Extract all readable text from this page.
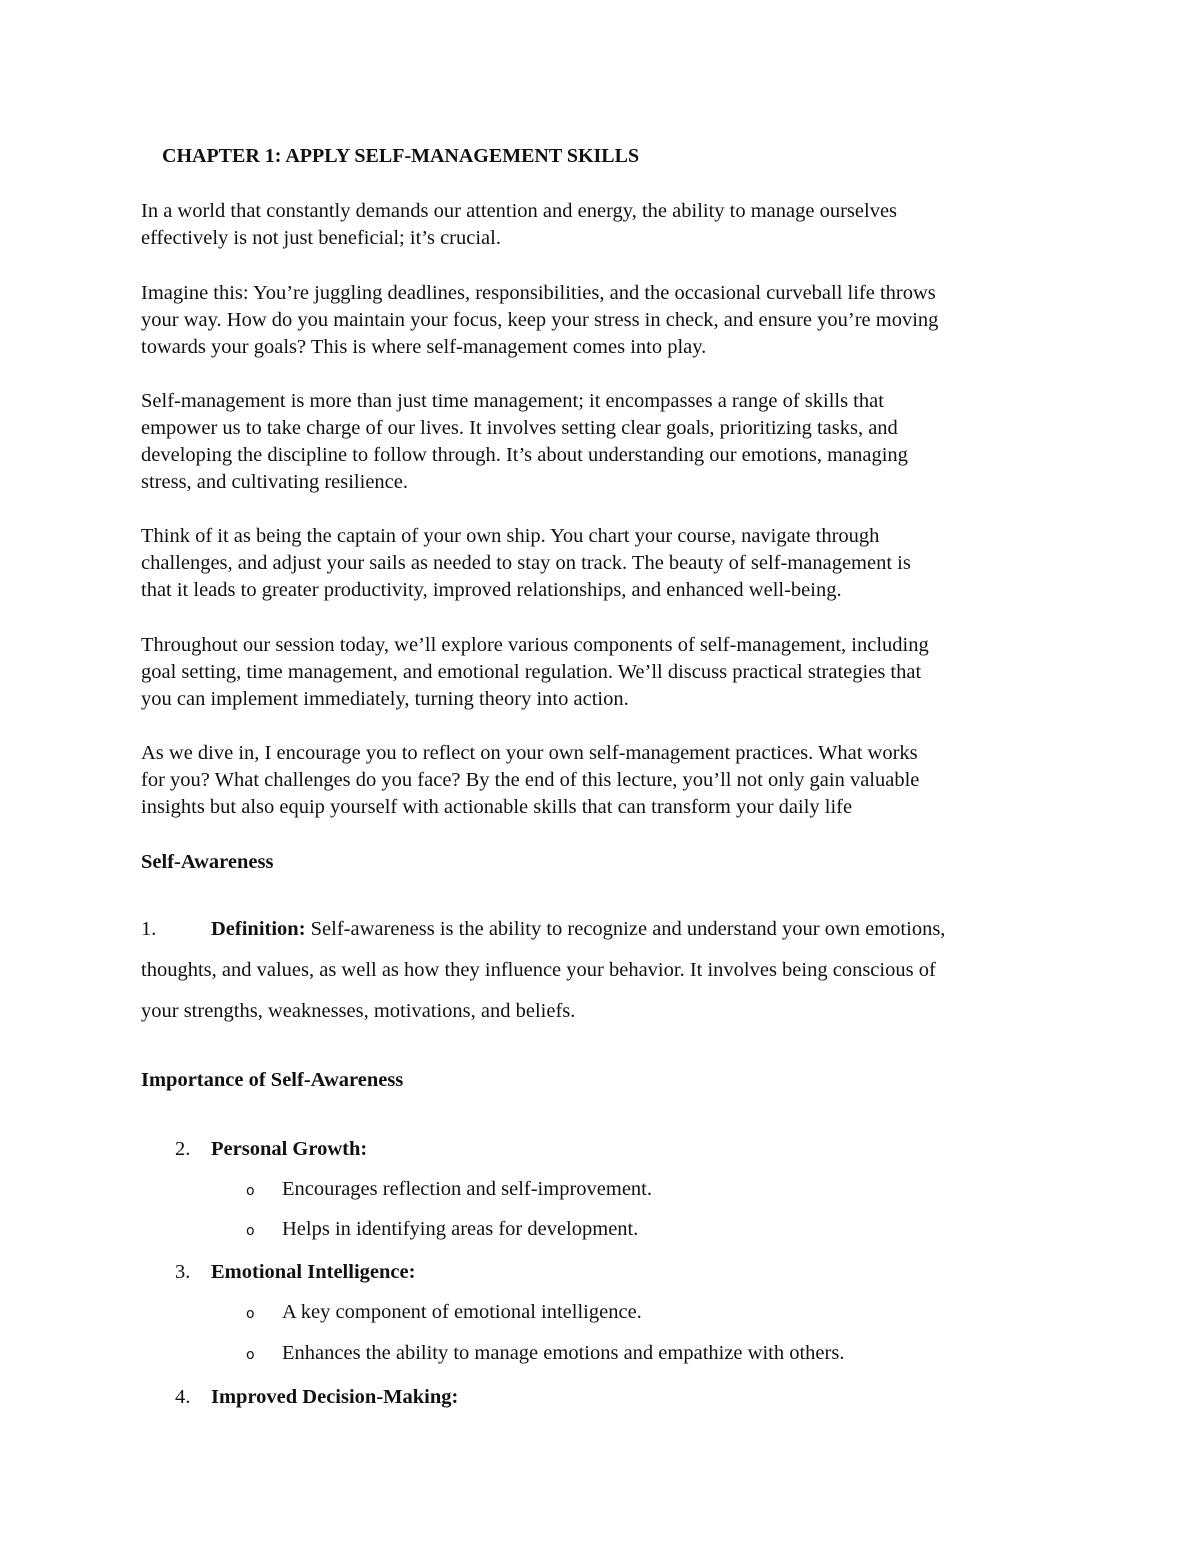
CHAPTER 1: APPLY SELF-MANAGEMENT SKILLS

In a world that constantly demands our attention and energy, the ability to manage ourselves
effectively is not just beneficial; it’s crucial.

Imagine this: You’re juggling deadlines, responsibilities, and the occasional curveball life throws
your way. How do you maintain your focus, keep your stress in check, and ensure you’re moving
towards your goals? This is where self-management comes into play.

Self-management is more than just time management; it encompasses a range of skills that
empower us to take charge of our lives. It involves setting clear goals, prioritizing tasks, and
developing the discipline to follow through. It’s about understanding our emotions, managing
stress, and cultivating resilience.

Think of it as being the captain of your own ship. You chart your course, navigate through
challenges, and adjust your sails as needed to stay on track. The beauty of self-management is
that it leads to greater productivity, improved relationships, and enhanced well-being.

Throughout our session today, we’ll explore various components of self-management, including
goal setting, time management, and emotional regulation. We’ll discuss practical strategies that
you can implement immediately, turning theory into action.

As we dive in, I encourage you to reflect on your own self-management practices. What works
for you? What challenges do you face? By the end of this lecture, you’ll not only gain valuable
insights but also equip yourself with actionable skills that can transform your daily life

Self-Awareness

1.	Definition: Self-awareness is the ability to recognize and understand your own emotions,
thoughts, and values, as well as how they influence your behavior. It involves being conscious of
your strengths, weaknesses, motivations, and beliefs.

Importance of Self-Awareness

2. Personal Growth:

o Encourages reflection and self-improvement.

o Helps in identifying areas for development.

3. Emotional Intelligence:

o A key component of emotional intelligence.

o Enhances the ability to manage emotions and empathize with others.

4. Improved Decision-Making:
